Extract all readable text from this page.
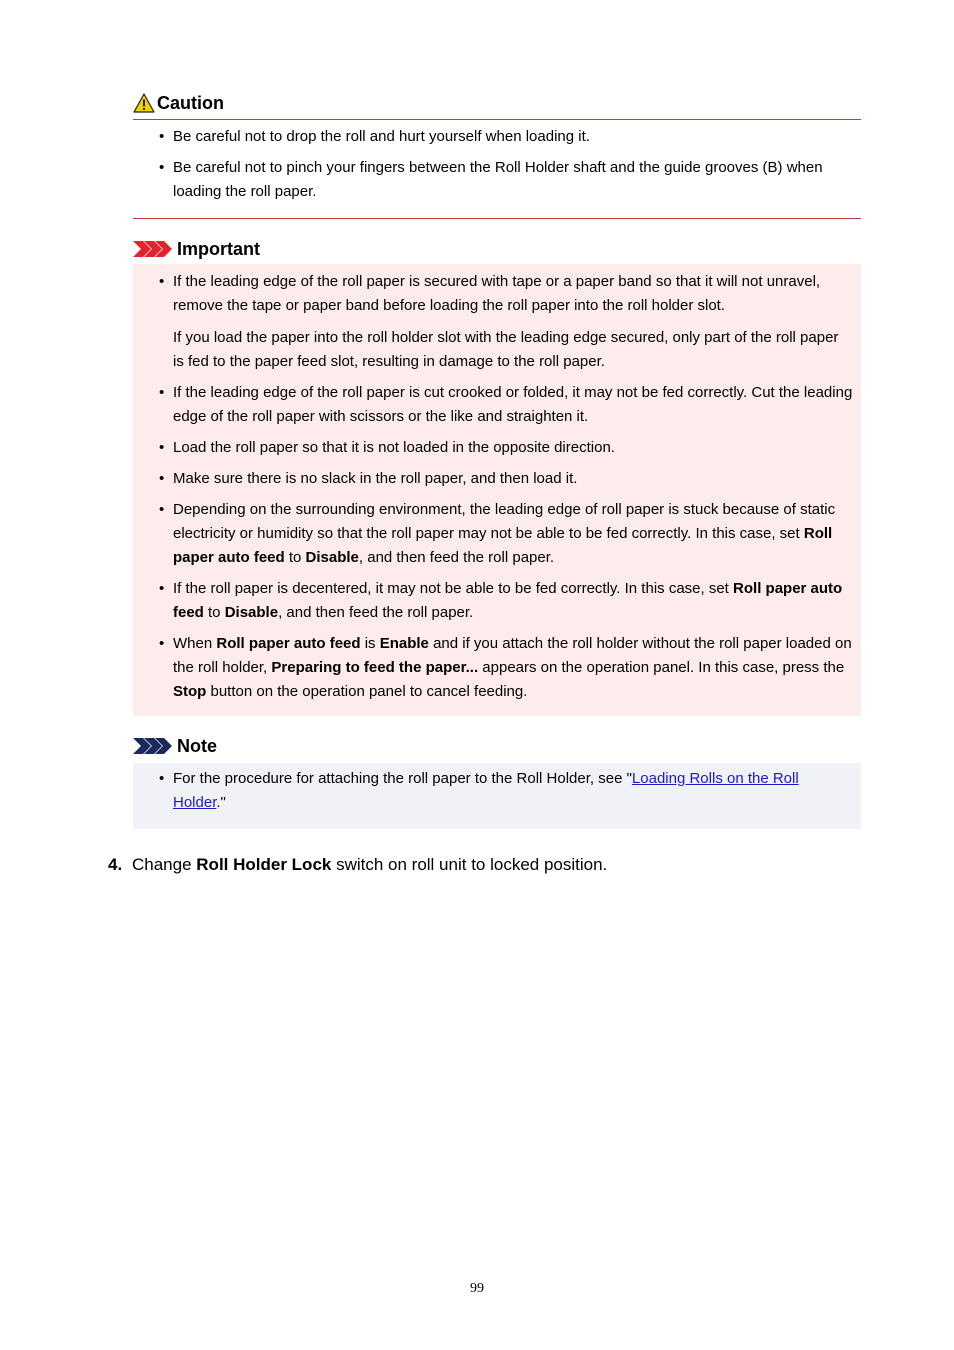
Caution
• Be careful not to drop the roll and hurt yourself when loading it.
• Be careful not to pinch your fingers between the Roll Holder shaft and the guide grooves (B) when loading the roll paper.
Important

• If the leading edge of the roll paper is secured with tape or a paper band so that it will not unravel, remove the tape or paper band before loading the roll paper into the roll holder slot.

If you load the paper into the roll holder slot with the leading edge secured, only part of the roll paper is fed to the paper feed slot, resulting in damage to the roll paper.

• If the leading edge of the roll paper is cut crooked or folded, it may not be fed correctly. Cut the leading edge of the roll paper with scissors or the like and straighten it.
• Load the roll paper so that it is not loaded in the opposite direction.
• Make sure there is no slack in the roll paper, and then load it.
• Depending on the surrounding environment, the leading edge of roll paper is stuck because of static electricity or humidity so that the roll paper may not be able to be fed correctly. In this case, set Roll paper auto feed to Disable, and then feed the roll paper.
• If the roll paper is decentered, it may not be able to be fed correctly. In this case, set Roll paper auto feed to Disable, and then feed the roll paper.
• When Roll paper auto feed is Enable and if you attach the roll holder without the roll paper loaded on the roll holder, Preparing to feed the paper... appears on the operation panel. In this case, press the Stop button on the operation panel to cancel feeding.
Note
• For the procedure for attaching the roll paper to the Roll Holder, see "Loading Rolls on the Roll Holder."
4. Change Roll Holder Lock switch on roll unit to locked position.
99
